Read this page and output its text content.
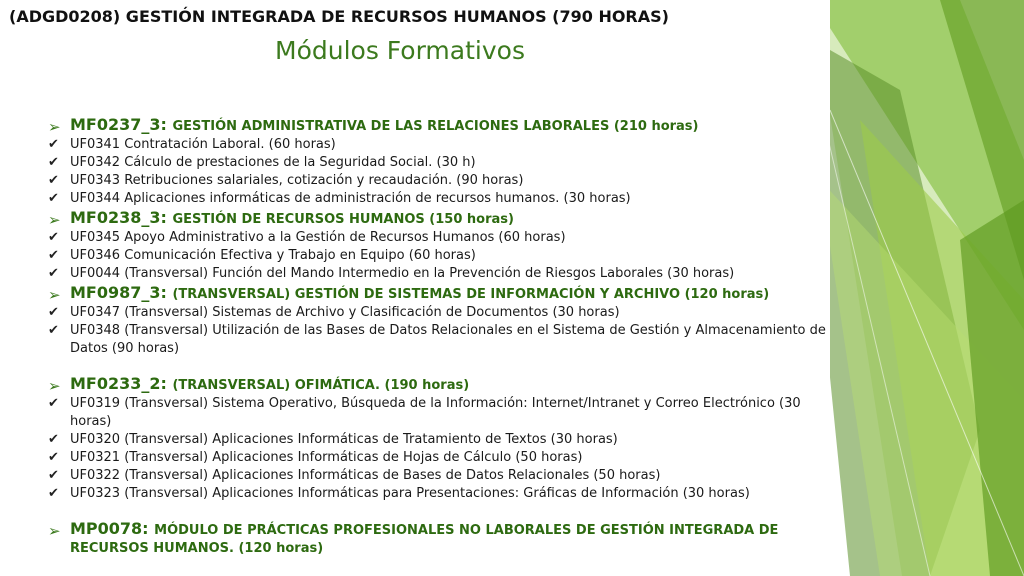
(ADGD0208) GESTIÓN INTEGRADA DE RECURSOS HUMANOS (790 HORAS)
Módulos Formativos
➢ MF0237_3: GESTIÓN ADMINISTRATIVA DE LAS RELACIONES LABORALES (210 horas)
✔ UF0341 Contratación Laboral. (60 horas)
✔ UF0342 Cálculo de prestaciones de la Seguridad Social. (30 h)
✔ UF0343 Retribuciones salariales, cotización y recaudación. (90 horas)
✔ UF0344 Aplicaciones informáticas de administración de recursos humanos. (30 horas)
➢ MF0238_3: GESTIÓN DE RECURSOS HUMANOS (150 horas)
✔ UF0345 Apoyo Administrativo a la Gestión de Recursos Humanos (60 horas)
✔ UF0346 Comunicación Efectiva y Trabajo en Equipo (60 horas)
✔ UF0044 (Transversal) Función del Mando Intermedio en la Prevención de Riesgos Laborales (30 horas)
➢ MF0987_3: (TRANSVERSAL) GESTIÓN DE SISTEMAS DE INFORMACIÓN Y ARCHIVO (120 horas)
✔ UF0347 (Transversal) Sistemas de Archivo y Clasificación de Documentos (30 horas)
✔ UF0348 (Transversal) Utilización de las Bases de Datos Relacionales en el Sistema de Gestión y Almacenamiento de Datos (90 horas)
➢ MF0233_2: (TRANSVERSAL) OFIMÁTICA. (190 horas)
✔ UF0319 (Transversal) Sistema Operativo, Búsqueda de la Información: Internet/Intranet y Correo Electrónico (30 horas)
✔ UF0320 (Transversal) Aplicaciones Informáticas de Tratamiento de Textos (30 horas)
✔ UF0321 (Transversal) Aplicaciones Informáticas de Hojas de Cálculo (50 horas)
✔ UF0322 (Transversal) Aplicaciones Informáticas de Bases de Datos Relacionales (50 horas)
✔ UF0323 (Transversal) Aplicaciones Informáticas para Presentaciones: Gráficas de Información (30 horas)
➢ MP0078: MÓDULO DE PRÁCTICAS PROFESIONALES NO LABORALES DE GESTIÓN INTEGRADA DE RECURSOS HUMANOS. (120 horas)
